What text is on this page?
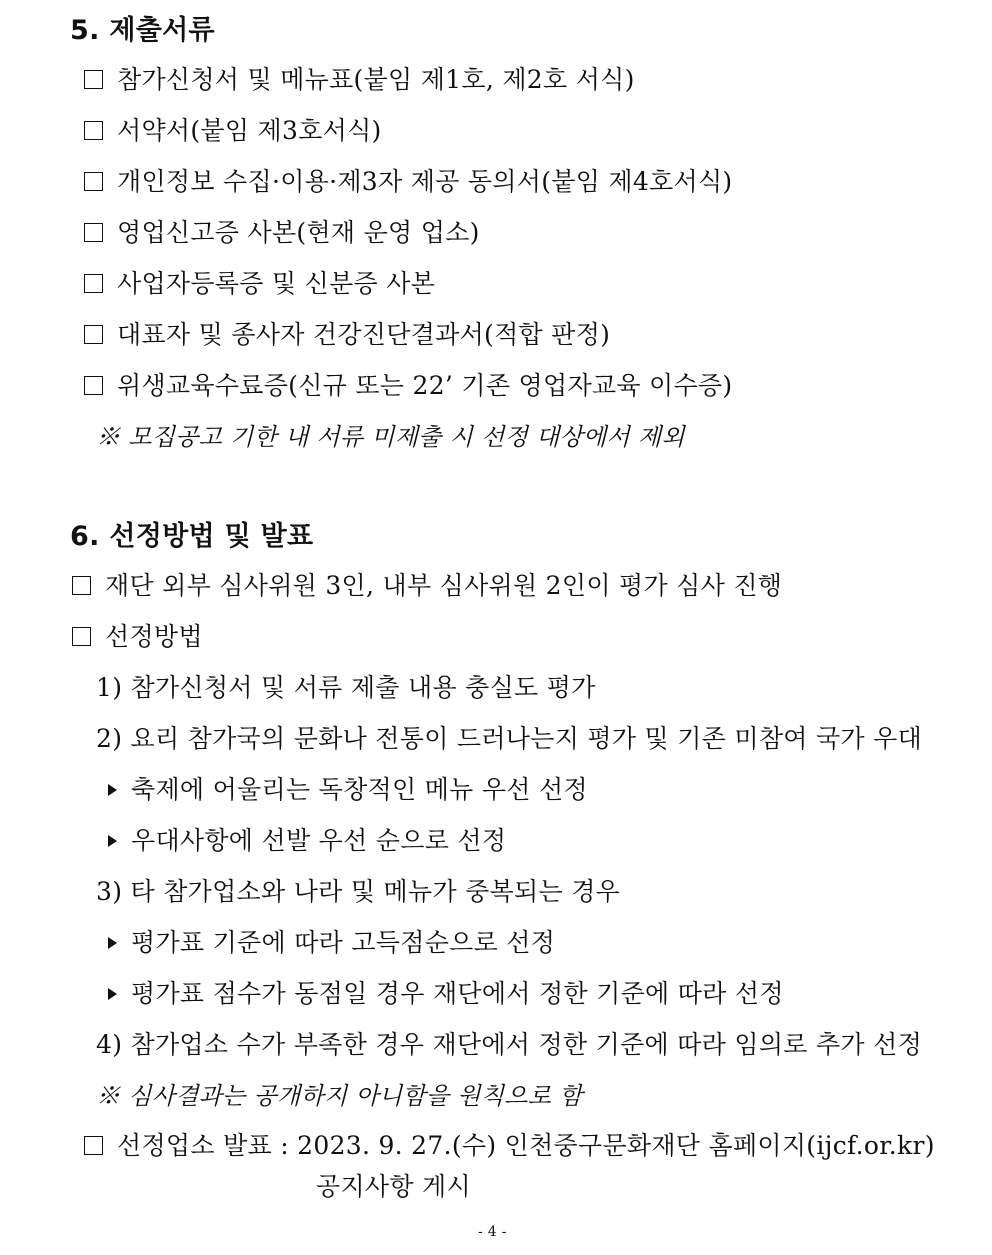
5. 제출서류
참가신청서 및 메뉴표(붙임 제1호, 제2호 서식)
서약서(붙임 제3호서식)
개인정보 수집·이용·제3자 제공 동의서(붙임 제4호서식)
영업신고증 사본(현재 운영 업소)
사업자등록증 및 신분증 사본
대표자 및 종사자 건강진단결과서(적합 판정)
위생교육수료증(신규 또는 22’ 기존 영업자교육 이수증)
※ 모집공고 기한 내 서류 미제출 시 선정 대상에서 제외
6. 선정방법 및 발표
재단 외부 심사위원 3인, 내부 심사위원 2인이 평가 심사 진행
선정방법
1) 참가신청서 및 서류 제출 내용 충실도 평가
2) 요리 참가국의 문화나 전통이 드러나는지 평가 및 기존 미참여 국가 우대
축제에 어울리는 독창적인 메뉴 우선 선정
우대사항에 선발 우선 순으로 선정
3) 타 참가업소와 나라 및 메뉴가 중복되는 경우
평가표 기준에 따라 고득점순으로 선정
평가표 점수가 동점일 경우 재단에서 정한 기준에 따라 선정
4) 참가업소 수가 부족한 경우 재단에서 정한 기준에 따라 임의로 추가 선정
※ 심사결과는 공개하지 아니함을 원칙으로 함
선정업소 발표 : 2023. 9. 27.(수) 인천중구문화재단 홈페이지(ijcf.or.kr)
공지사항 게시
- 4 -
